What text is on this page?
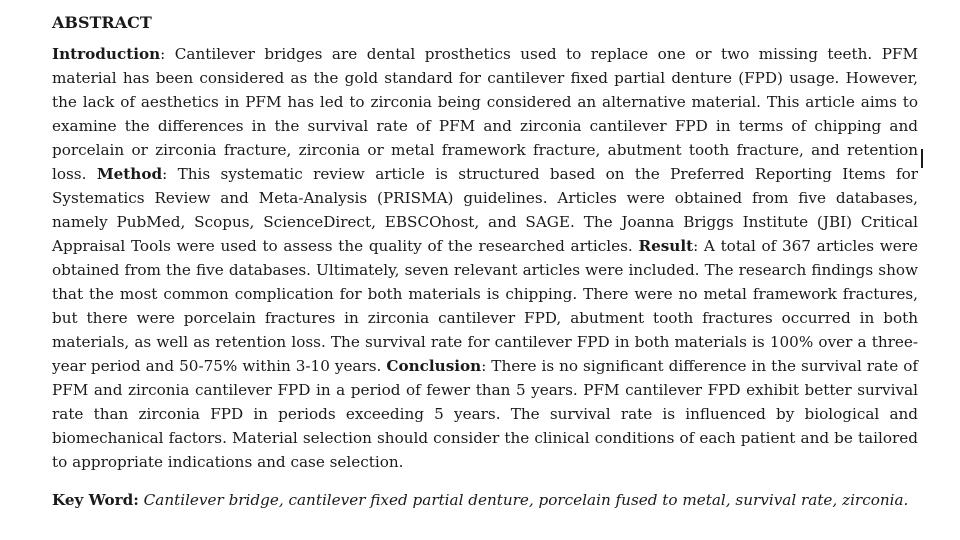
ABSTRACT

Introduction: Cantilever bridges are dental prosthetics used to replace one or two missing teeth. PFM material has been considered as the gold standard for cantilever fixed partial denture (FPD) usage. However, the lack of aesthetics in PFM has led to zirconia being considered an alternative material. This article aims to examine the differences in the survival rate of PFM and zirconia cantilever FPD in terms of chipping and porcelain or zirconia fracture, zirconia or metal framework fracture, abutment tooth fracture, and retention loss. Method: This systematic review article is structured based on the Preferred Reporting Items for Systematics Review and Meta-Analysis (PRISMA) guidelines. Articles were obtained from five databases, namely PubMed, Scopus, ScienceDirect, EBSCOhost, and SAGE. The Joanna Briggs Institute (JBI) Critical Appraisal Tools were used to assess the quality of the researched articles. Result: A total of 367 articles were obtained from the five databases. Ultimately, seven relevant articles were included. The research findings show that the most common complication for both materials is chipping. There were no metal framework fractures, but there were porcelain fractures in zirconia cantilever FPD, abutment tooth fractures occurred in both materials, as well as retention loss. The survival rate for cantilever FPD in both materials is 100% over a three-year period and 50-75% within 3-10 years. Conclusion: There is no significant difference in the survival rate of PFM and zirconia cantilever FPD in a period of fewer than 5 years. PFM cantilever FPD exhibit better survival rate than zirconia FPD in periods exceeding 5 years. The survival rate is influenced by biological and biomechanical factors. Material selection should consider the clinical conditions of each patient and be tailored to appropriate indications and case selection.

Key Word: Cantilever bridge, cantilever fixed partial denture, porcelain fused to metal, survival rate, zirconia.
